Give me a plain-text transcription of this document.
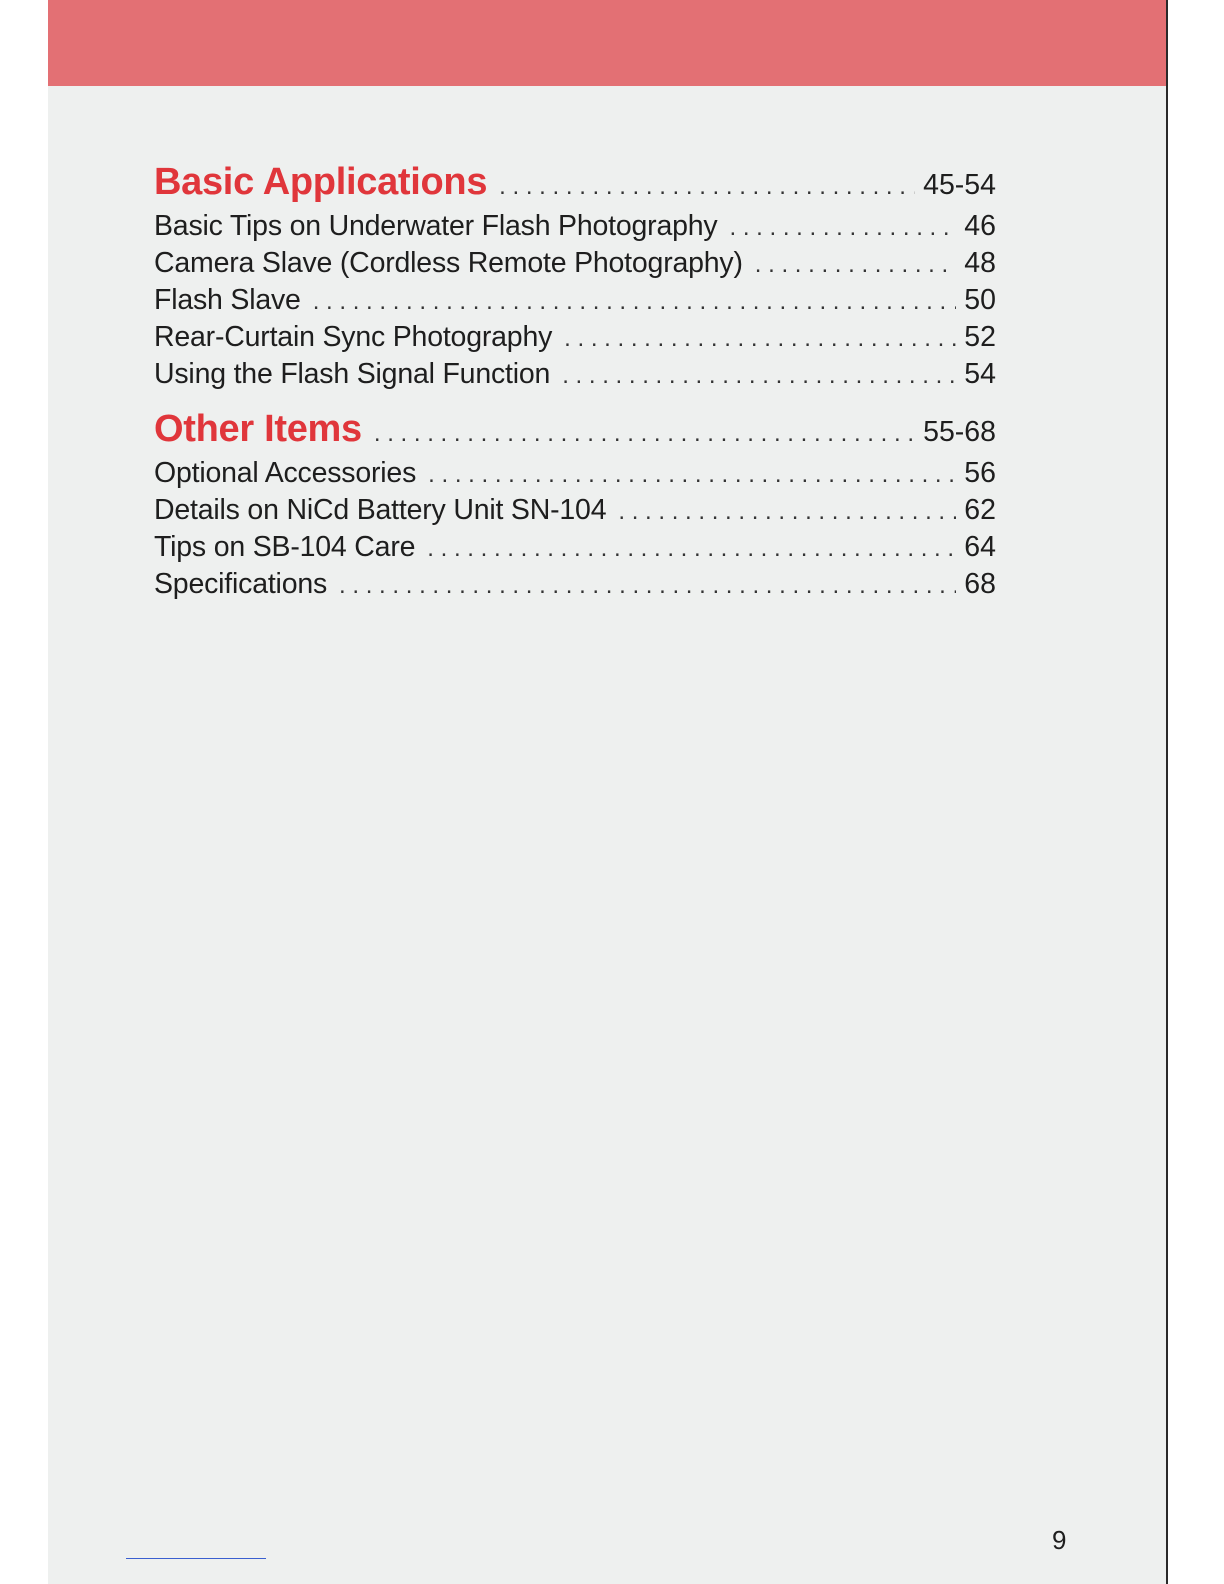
Basic Applications . . .	45-54
Basic Tips on Underwater Flash Photography . . .	46
Camera Slave (Cordless Remote Photography) . . .	48
Flash Slave . . .	50
Rear-Curtain Sync Photography . . .	52
Using the Flash Signal Function . . .	54
Other Items . . .	55-68
Optional Accessories . . .	56
Details on NiCd Battery Unit SN-104 . . .	62
Tips on SB-104 Care . . .	64
Specifications . . .	68
9
